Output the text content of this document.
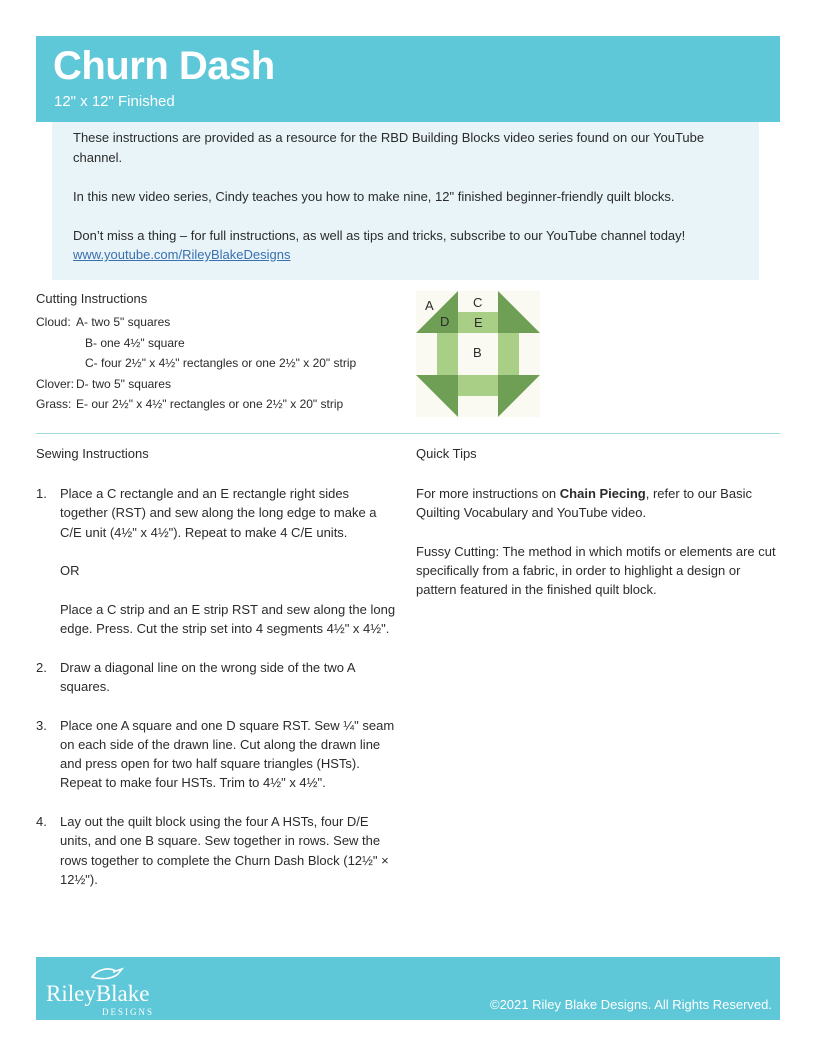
Churn Dash
12" x 12" Finished

These instructions are provided as a resource for the RBD Building Blocks video series found on our YouTube channel.

In this new video series, Cindy teaches you how to make nine, 12" finished beginner-friendly quilt blocks.

Don’t miss a thing – for full instructions, as well as tips and tricks, subscribe to our YouTube channel today! www.youtube.com/RileyBlakeDesigns

Cutting Instructions
Cloud: A- two 5" squares
B- one 4½" square
C- four 2½" x 4½" rectangles or one 2½" x 20" strip
Clover: D- two 5" squares
Grass: E- our 2½" x 4½" rectangles or one 2½" x 20" strip
A
D
C
E
B
Sewing Instructions	Quick Tips
1. Place a C rectangle and an E rectangle right sides together (RST) and sew along the long edge to make a C/E unit (4½" x 4½"). Repeat to make 4 C/E units.

OR

Place a C strip and an E strip RST and sew along the long edge. Press. Cut the strip set into 4 segments 4½" x 4½".

2. Draw a diagonal line on the wrong side of the two A squares.

3. Place one A square and one D square RST. Sew ¼" seam on each side of the drawn line. Cut along the drawn line and press open for two half square triangles (HSTs). Repeat to make four HSTs. Trim to 4½" x 4½".

4. Lay out the quilt block using the four A HSTs, four D/E units, and one B square. Sew together in rows. Sew the rows together to complete the Churn Dash Block (12½" × 12½").

For more instructions on Chain Piecing, refer to our Basic Quilting Vocabulary and YouTube video.

Fussy Cutting: The method in which motifs or elements are cut specifically from a fabric, in order to highlight a design or pattern featured in the finished quilt block.

RileyBlake
DESIGNS	©2021 Riley Blake Designs. All Rights Reserved.
